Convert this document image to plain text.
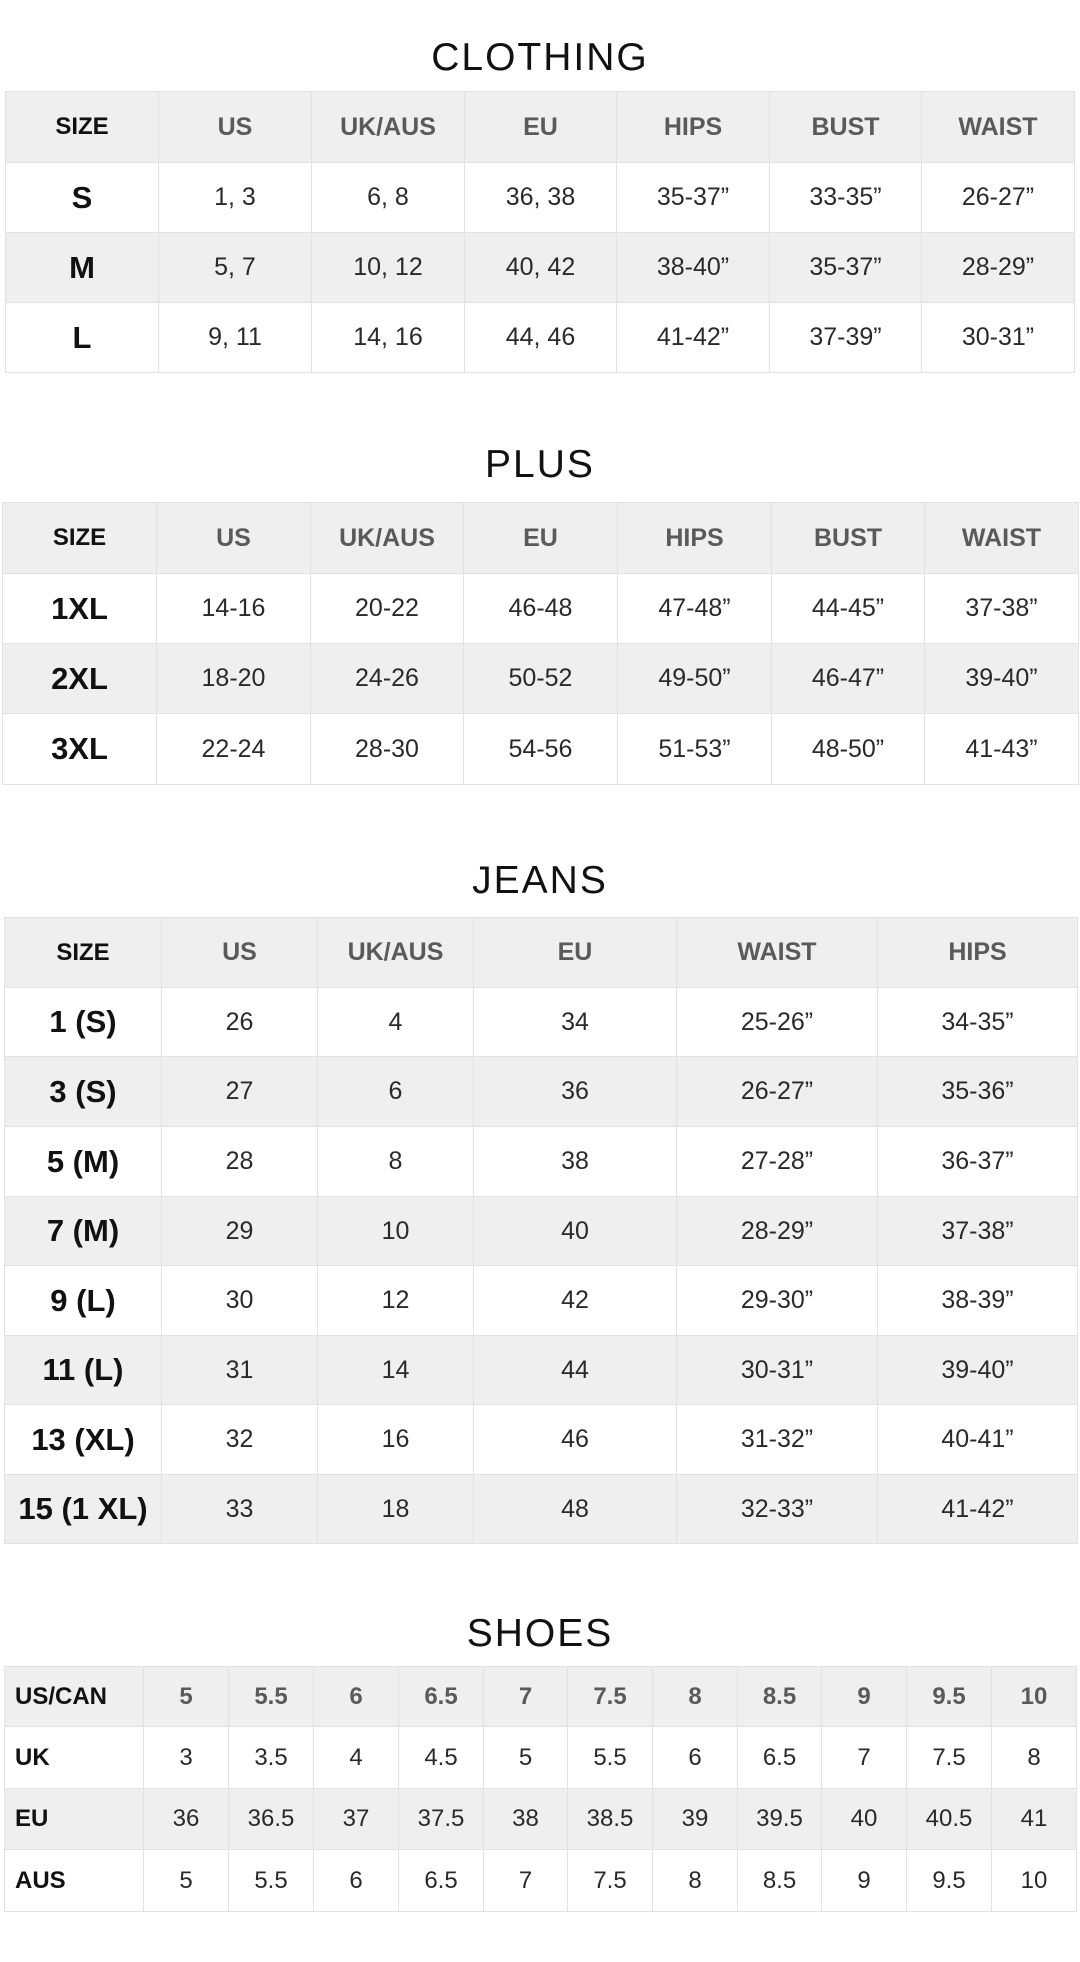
CLOTHING
SIZE	US	UK/AUS	EU	HIPS	BUST	WAIST
S	1, 3	6, 8	36, 38	35-37”	33-35”	26-27”
M	5, 7	10, 12	40, 42	38-40”	35-37”	28-29”
L	9, 11	14, 16	44, 46	41-42”	37-39”	30-31”
PLUS
SIZE	US	UK/AUS	EU	HIPS	BUST	WAIST
1XL	14-16	20-22	46-48	47-48”	44-45”	37-38”
2XL	18-20	24-26	50-52	49-50”	46-47”	39-40”
3XL	22-24	28-30	54-56	51-53”	48-50”	41-43”
JEANS
SIZE	US	UK/AUS	EU	WAIST	HIPS
1 (S)	26	4	34	25-26”	34-35”
3 (S)	27	6	36	26-27”	35-36”
5 (M)	28	8	38	27-28”	36-37”
7 (M)	29	10	40	28-29”	37-38”
9 (L)	30	12	42	29-30”	38-39”
11 (L)	31	14	44	30-31”	39-40”
13 (XL)	32	16	46	31-32”	40-41”
15 (1 XL)	33	18	48	32-33”	41-42”
SHOES
US/CAN	5	5.5	6	6.5	7	7.5	8	8.5	9	9.5	10
UK	3	3.5	4	4.5	5	5.5	6	6.5	7	7.5	8
EU	36	36.5	37	37.5	38	38.5	39	39.5	40	40.5	41
AUS	5	5.5	6	6.5	7	7.5	8	8.5	9	9.5	10
